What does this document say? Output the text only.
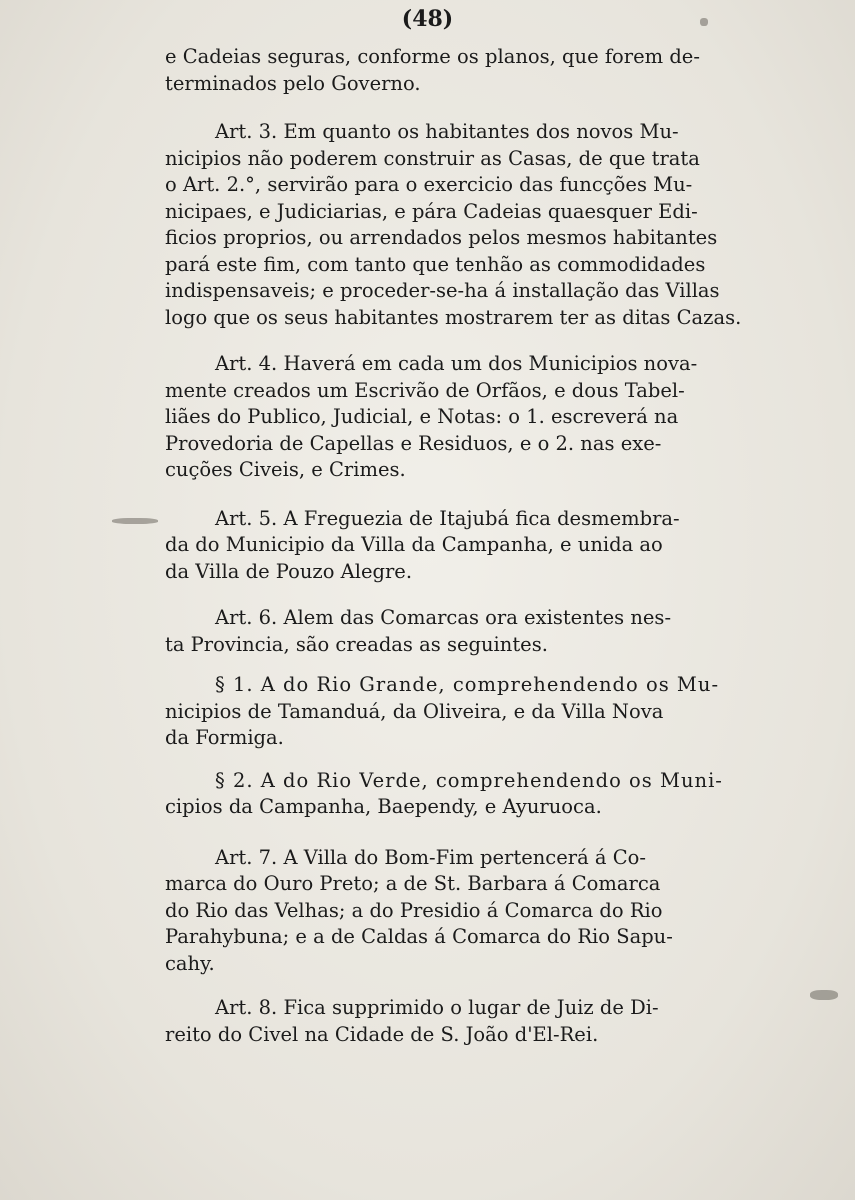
(48)
e Cadeias seguras, conforme os planos, que forem de-
terminados pelo Governo.
Art. 3. Em quanto os habitantes dos novos Mu-
nicipios não poderem construir as Casas, de que trata
o Art. 2.°, servirão para o exercicio das funcções Mu-
nicipaes, e Judiciarias, e pára Cadeias quaesquer Edi-
ficios proprios, ou arrendados pelos mesmos habitantes
pará este fim, com tanto que tenhão as commodidades
indispensaveis; e proceder-se-ha á installação das Villas
logo que os seus habitantes mostrarem ter as ditas Cazas.
Art. 4. Haverá em cada um dos Municipios nova-
mente creados um Escrivão de Orfãos, e dous Tabel-
liães do Publico, Judicial, e Notas: o 1. escreverá na
Provedoria de Capellas e Residuos, e o 2. nas exe-
cuções Civeis, e Crimes.
Art. 5. A Freguezia de Itajubá fica desmembra-
da do Municipio da Villa da Campanha, e unida ao
da Villa de Pouzo Alegre.
Art. 6. Alem das Comarcas ora existentes nes-
ta Provincia, são creadas as seguintes.
§ 1. A do Rio Grande, comprehendendo os Mu-
nicipios de Tamanduá, da Oliveira, e da Villa Nova
da Formiga.
§ 2. A do Rio Verde, comprehendendo os Muni-
cipios da Campanha, Baependy, e Ayuruoca.
Art. 7. A Villa do Bom-Fim pertencerá á Co-
marca do Ouro Preto; a de St. Barbara á Comarca
do Rio das Velhas; a do Presidio á Comarca do Rio
Parahybuna; e a de Caldas á Comarca do Rio Sapu-
cahy.
Art. 8. Fica supprimido o lugar de Juiz de Di-
reito do Civel na Cidade de S. João d'El-Rei.
